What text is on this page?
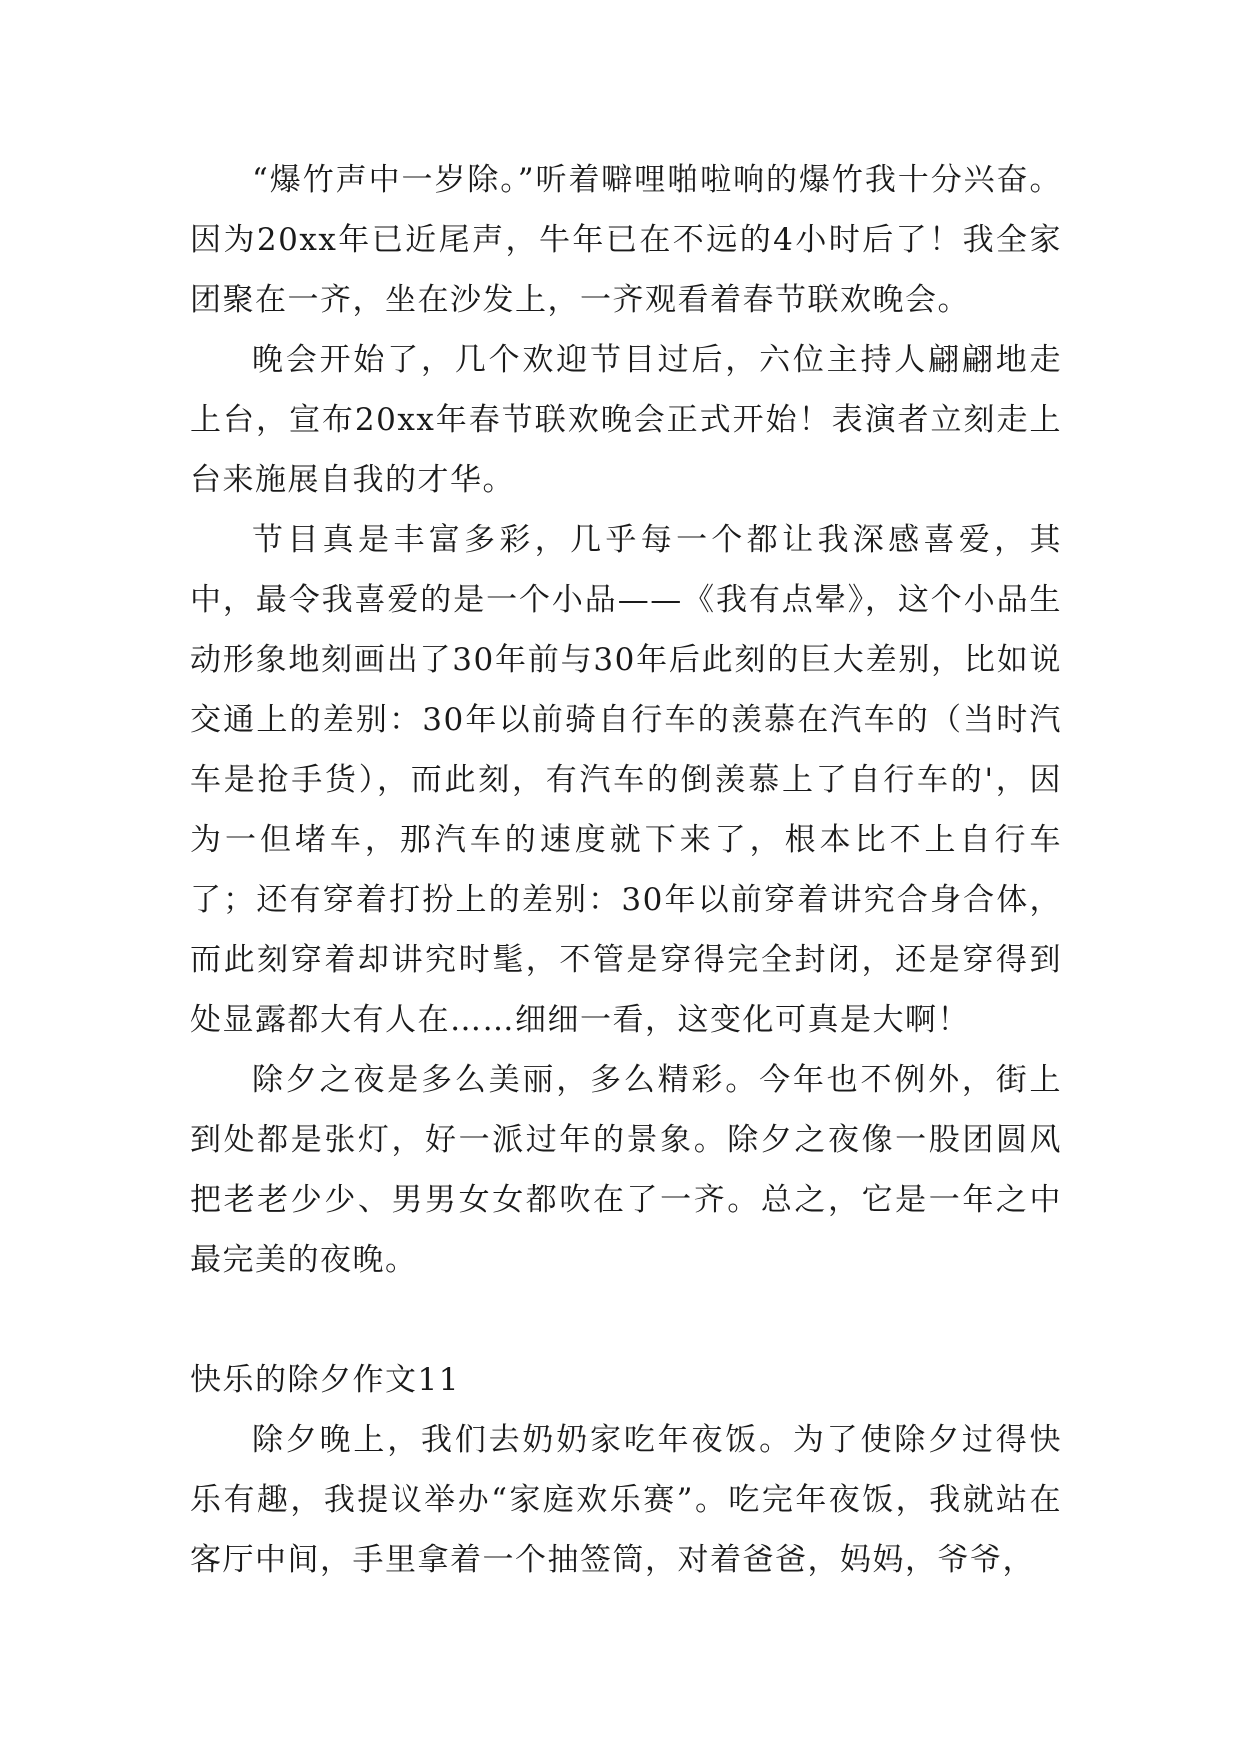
“爆竹声中一岁除。”听着噼哩啪啦响的爆竹我十分兴奋。因为20xx年已近尾声，牛年已在不远的4小时后了！我全家团聚在一齐，坐在沙发上，一齐观看着春节联欢晚会。

晚会开始了，几个欢迎节目过后，六位主持人翩翩地走上台，宣布20xx年春节联欢晚会正式开始！表演者立刻走上台来施展自我的才华。

节目真是丰富多彩，几乎每一个都让我深感喜爱，其中，最令我喜爱的是一个小品——《我有点晕》，这个小品生动形象地刻画出了30年前与30年后此刻的巨大差别，比如说交通上的差别：30年以前骑自行车的羡慕在汽车的（当时汽车是抢手货），而此刻，有汽车的倒羡慕上了自行车的'，因为一但堵车，那汽车的速度就下来了，根本比不上自行车了；还有穿着打扮上的差别：30年以前穿着讲究合身合体，而此刻穿着却讲究时髦，不管是穿得完全封闭，还是穿得到处显露都大有人在……细细一看，这变化可真是大啊！

除夕之夜是多么美丽，多么精彩。今年也不例外，街上到处都是张灯，好一派过年的景象。除夕之夜像一股团圆风把老老少少、男男女女都吹在了一齐。总之，它是一年之中最完美的夜晚。

快乐的除夕作文11

除夕晚上，我们去奶奶家吃年夜饭。为了使除夕过得快乐有趣，我提议举办“家庭欢乐赛”。吃完年夜饭，我就站在客厅中间，手里拿着一个抽签筒，对着爸爸，妈妈，爷爷，
